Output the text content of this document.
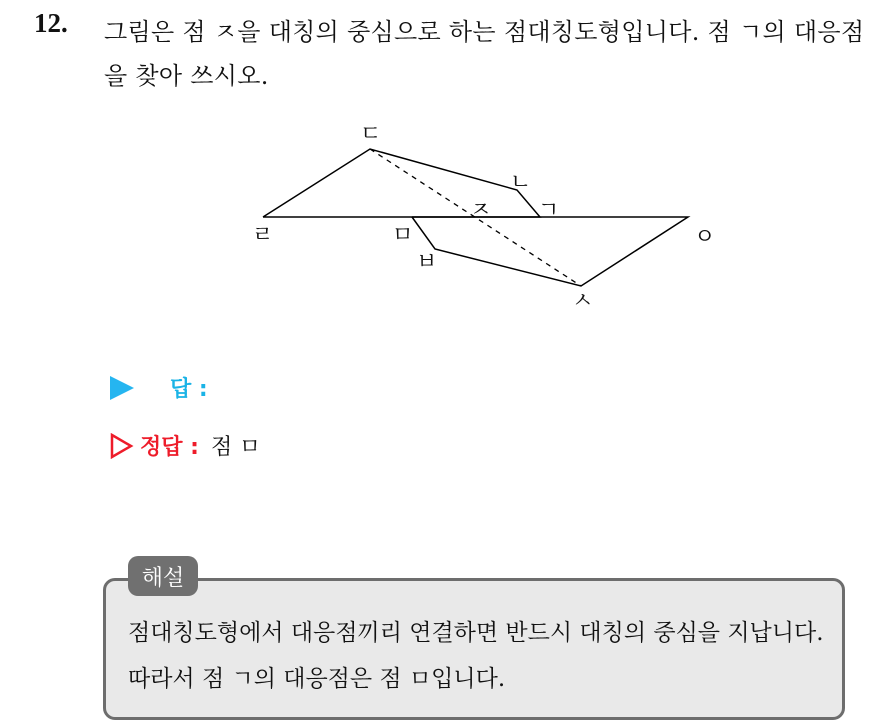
12. 그림은 점 ㅈ을 대칭의 중심으로 하는 점대칭도형입니다. 점 ㄱ의 대응점을 찾아 쓰시오.
ㄷ
ㄴ
ㄱ
ㅈ
ㄹ	ㅁ	ㅇ
ㅂ
ㅅ
답 :
정답 : 점 ㅁ
해설
점대칭도형에서 대응점끼리 연결하면 반드시 대칭의 중심을 지납니다. 따라서 점 ㄱ의 대응점은 점 ㅁ입니다.
